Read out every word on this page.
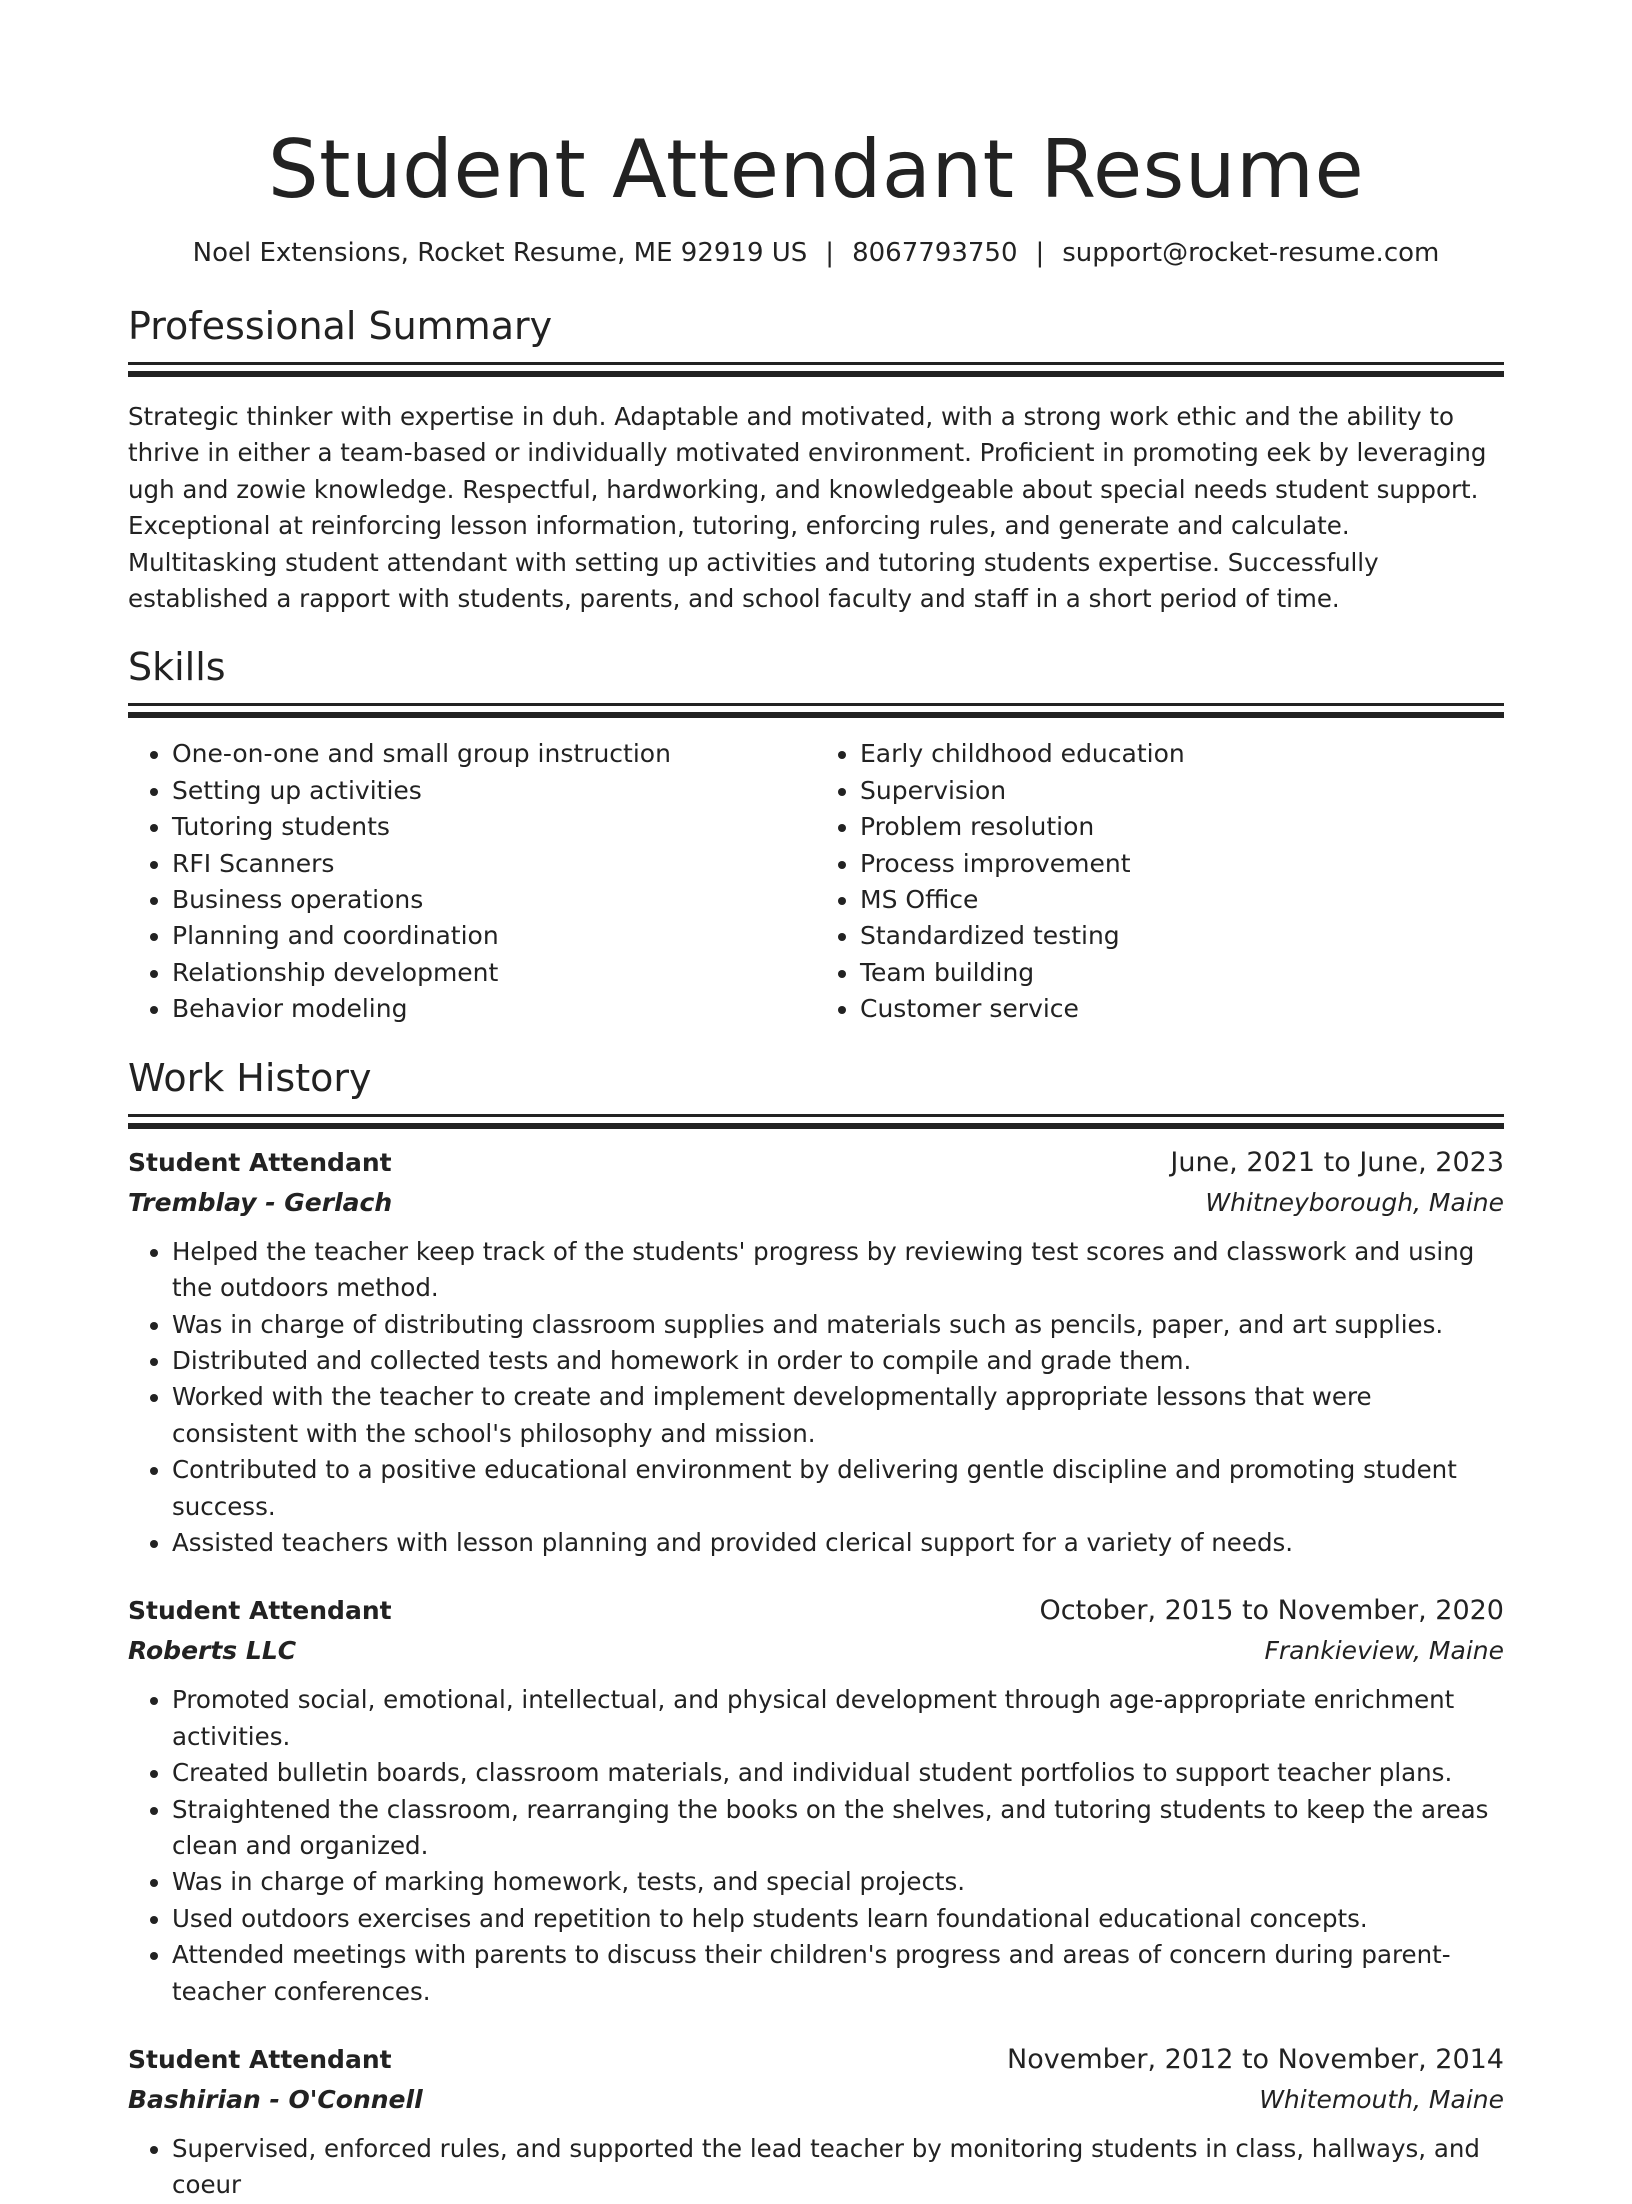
Student Attendant Resume
Noel Extensions, Rocket Resume, ME 92919 US | 8067793750 | support@rocket-resume.com
Professional Summary

Strategic thinker with expertise in duh. Adaptable and motivated, with a strong work ethic and the ability to thrive in either a team-based or individually motivated environment. Proficient in promoting eek by leveraging ugh and zowie knowledge. Respectful, hardworking, and knowledgeable about special needs student support. Exceptional at reinforcing lesson information, tutoring, enforcing rules, and generate and calculate. Multitasking student attendant with setting up activities and tutoring students expertise. Successfully established a rapport with students, parents, and school faculty and staff in a short period of time.

Skills
• One-on-one and small group instruction
• Setting up activities
• Tutoring students
• RFI Scanners
• Business operations
• Planning and coordination
• Relationship development
• Behavior modeling
• Early childhood education
• Supervision
• Problem resolution
• Process improvement
• MS Office
• Standardized testing
• Team building
• Customer service
Work History
Student Attendant	June, 2021 to June, 2023
Tremblay - Gerlach	Whitneyborough, Maine
• Helped the teacher keep track of the students' progress by reviewing test scores and classwork and using the outdoors method.
• Was in charge of distributing classroom supplies and materials such as pencils, paper, and art supplies.
• Distributed and collected tests and homework in order to compile and grade them.
• Worked with the teacher to create and implement developmentally appropriate lessons that were consistent with the school's philosophy and mission.
• Contributed to a positive educational environment by delivering gentle discipline and promoting student success.
• Assisted teachers with lesson planning and provided clerical support for a variety of needs.
Student Attendant	October, 2015 to November, 2020
Roberts LLC	Frankieview, Maine
• Promoted social, emotional, intellectual, and physical development through age-appropriate enrichment activities.
• Created bulletin boards, classroom materials, and individual student portfolios to support teacher plans.
• Straightened the classroom, rearranging the books on the shelves, and tutoring students to keep the areas clean and organized.
• Was in charge of marking homework, tests, and special projects.
• Used outdoors exercises and repetition to help students learn foundational educational concepts.
• Attended meetings with parents to discuss their children's progress and areas of concern during parent-teacher conferences.
Student Attendant	November, 2012 to November, 2014
Bashirian - O'Connell	Whitemouth, Maine
• Supervised, enforced rules, and supported the lead teacher by monitoring students in class, hallways, and coeur
